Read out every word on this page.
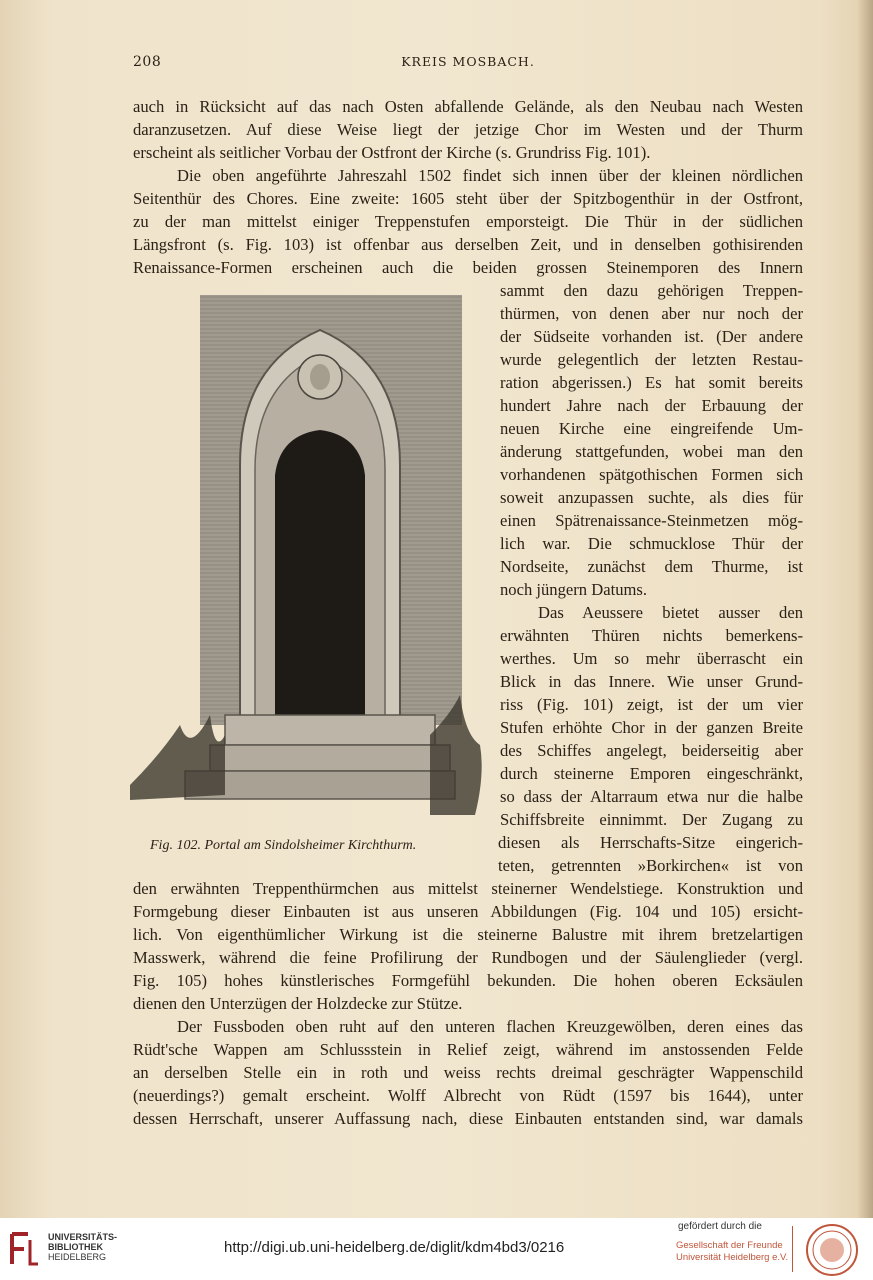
208	KREIS MOSBACH.
auch in Rücksicht auf das nach Osten abfallende Gelände, als den Neubau nach Westen
daranzusetzen. Auf diese Weise liegt der jetzige Chor im Westen und der Thurm
erscheint als seitlicher Vorbau der Ostfront der Kirche (s. Grundriss Fig. 101).
Die oben angeführte Jahreszahl 1502 findet sich innen über der kleinen nördlichen
Seitenthür des Chores. Eine zweite: 1605 steht über der Spitzbogenthür in der Ostfront,
zu der man mittelst einiger Treppenstufen emporsteigt. Die Thür in der südlichen
Längsfront (s. Fig. 103) ist offenbar aus derselben Zeit, und in denselben gothisirenden
Renaissance-Formen erscheinen auch die beiden grossen Steinemporen des Innern
sammt den dazu gehörigen Treppen-
thürmen, von denen aber nur noch der
der Südseite vorhanden ist. (Der andere
wurde gelegentlich der letzten Restau-
ration abgerissen.) Es hat somit bereits
hundert Jahre nach der Erbauung der
neuen Kirche eine eingreifende Um-
änderung stattgefunden, wobei man den
vorhandenen spätgothischen Formen sich
soweit anzupassen suchte, als dies für
einen Spätrenaissance-Steinmetzen mög-
lich war. Die schmucklose Thür der
Nordseite, zunächst dem Thurme, ist
noch jüngern Datums.
Das Aeussere bietet ausser den
erwähnten Thüren nichts bemerkens-
werthes. Um so mehr überrascht ein
Blick in das Innere. Wie unser Grund-
riss (Fig. 101) zeigt, ist der um vier
Stufen erhöhte Chor in der ganzen Breite
des Schiffes angelegt, beiderseitig aber
durch steinerne Emporen eingeschränkt,
so dass der Altarraum etwa nur die halbe
Schiffsbreite einnimmt. Der Zugang zu
diesen als Herrschafts-Sitze eingerich-
teten, getrennten »Borkirchen« ist von
den erwähnten Treppenthürmchen aus mittelst steinerner Wendelstiege. Konstruktion und
Formgebung dieser Einbauten ist aus unseren Abbildungen (Fig. 104 und 105) ersicht-
lich. Von eigenthümlicher Wirkung ist die steinerne Balustre mit ihrem bretzelartigen
Masswerk, während die feine Profilirung der Rundbogen und der Säulenglieder (vergl.
Fig. 105) hohes künstlerisches Formgefühl bekunden. Die hohen oberen Ecksäulen
dienen den Unterzügen der Holzdecke zur Stütze.
Der Fussboden oben ruht auf den unteren flachen Kreuzgewölben, deren eines das
Rüdt'sche Wappen am Schlussstein in Relief zeigt, während im anstossenden Felde
an derselben Stelle ein in roth und weiss rechts dreimal geschrägter Wappenschild
(neuerdings?) gemalt erscheint. Wolff Albrecht von Rüdt (1597 bis 1644), unter
dessen Herrschaft, unserer Auffassung nach, diese Einbauten entstanden sind, war damals
Fig. 102. Portal am Sindolsheimer Kirchthurm.
UNIVERSITÄTS-
BIBLIOTHEK
HEIDELBERG
http://digi.ub.uni-heidelberg.de/diglit/kdm4bd3/0216
gefördert durch die
Gesellschaft der Freunde
Universität Heidelberg e.V.
